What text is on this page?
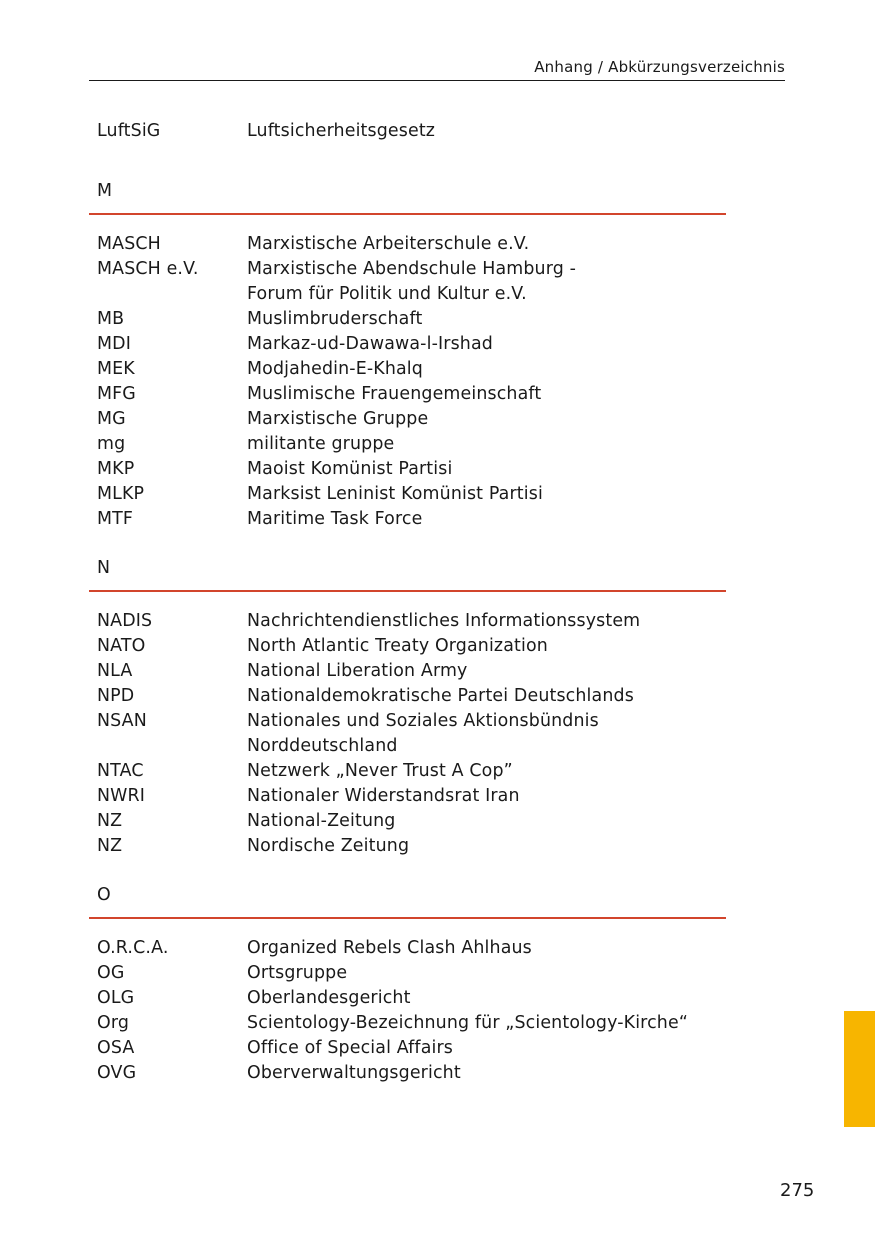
Anhang / Abkürzungsverzeichnis
LuftSiG	Luftsicherheitsgesetz
M
MASCH	Marxistische Arbeiterschule e.V.
MASCH e.V.	Marxistische Abendschule Hamburg -
Forum für Politik und Kultur e.V.
MB	Muslimbruderschaft
MDI	Markaz-ud-Dawawa-l-Irshad
MEK	Modjahedin-E-Khalq
MFG	Muslimische Frauengemeinschaft
MG	Marxistische Gruppe
mg	militante gruppe
MKP	Maoist Komünist Partisi
MLKP	Marksist Leninist Komünist Partisi
MTF	Maritime Task Force
N
NADIS	Nachrichtendienstliches Informationssystem
NATO	North Atlantic Treaty Organization
NLA	National Liberation Army
NPD	Nationaldemokratische Partei Deutschlands
NSAN	Nationales und Soziales Aktionsbündnis
Norddeutschland
NTAC	Netzwerk „Never Trust A Cop”
NWRI	Nationaler Widerstandsrat Iran
NZ	National-Zeitung
NZ	Nordische Zeitung
O
O.R.C.A.	Organized Rebels Clash Ahlhaus
OG	Ortsgruppe
OLG	Oberlandesgericht
Org	Scientology-Bezeichnung für „Scientology-Kirche“
OSA	Office of Special Affairs
OVG	Oberverwaltungsgericht
275
